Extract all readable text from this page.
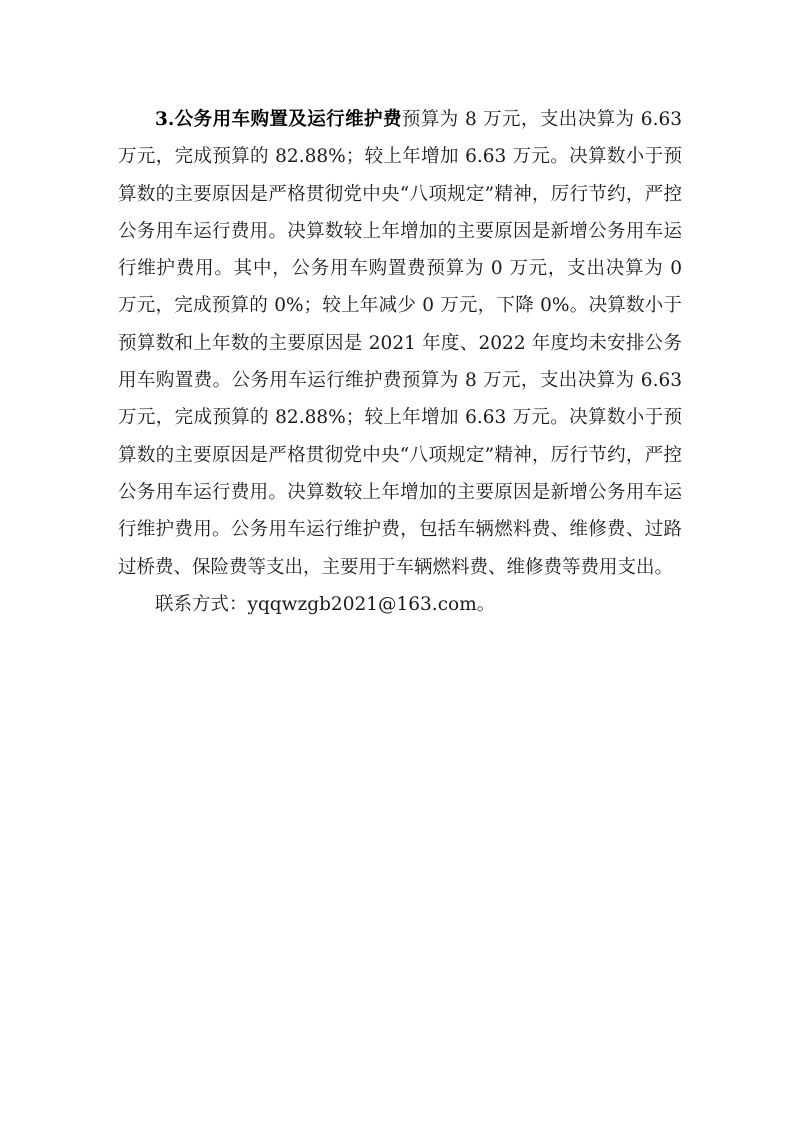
3.公务用车购置及运行维护费预算为 8 万元，支出决算为 6.63 万元，完成预算的 82.88%；较上年增加 6.63 万元。决算数小于预算数的主要原因是严格贯彻党中央“八项规定”精神，厉行节约，严控公务用车运行费用。决算数较上年增加的主要原因是新增公务用车运行维护费用。其中，公务用车购置费预算为 0 万元，支出决算为 0 万元，完成预算的 0%；较上年减少 0 万元，下降 0%。决算数小于预算数和上年数的主要原因是 2021 年度、2022 年度均未安排公务用车购置费。公务用车运行维护费预算为 8 万元，支出决算为 6.63 万元，完成预算的 82.88%；较上年增加 6.63 万元。决算数小于预算数的主要原因是严格贯彻党中央“八项规定”精神，厉行节约，严控公务用车运行费用。决算数较上年增加的主要原因是新增公务用车运行维护费用。公务用车运行维护费，包括车辆燃料费、维修费、过路过桥费、保险费等支出，主要用于车辆燃料费、维修费等费用支出。

联系方式：yqqwzgb2021@163.com。
